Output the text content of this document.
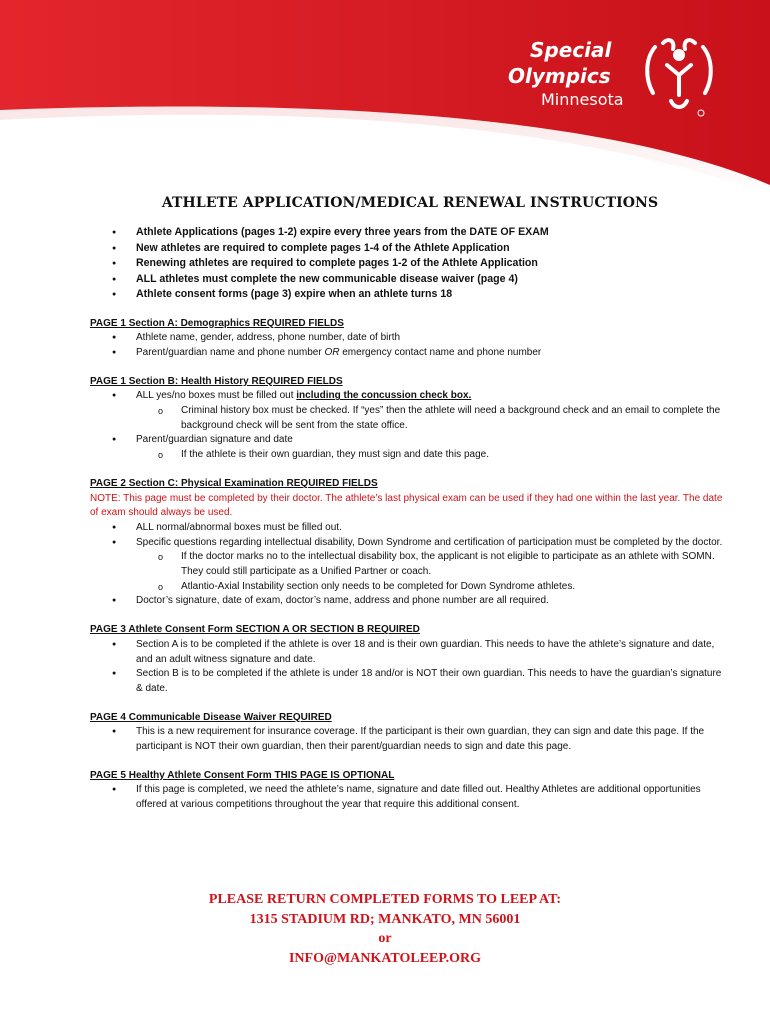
Special
Olympics
Minnesota
ATHLETE APPLICATION/MEDICAL RENEWAL INSTRUCTIONS
● Athlete Applications (pages 1-2) expire every three years from the DATE OF EXAM
● New athletes are required to complete pages 1-4 of the Athlete Application
● Renewing athletes are required to complete pages 1-2 of the Athlete Application
● ALL athletes must complete the new communicable disease waiver (page 4)
● Athlete consent forms (page 3) expire when an athlete turns 18
PAGE 1 Section A: Demographics REQUIRED FIELDS
● Athlete name, gender, address, phone number, date of birth
● Parent/guardian name and phone number OR emergency contact name and phone number
PAGE 1 Section B: Health History REQUIRED FIELDS
● ALL yes/no boxes must be filled out including the concussion check box.
o Criminal history box must be checked. If “yes” then the athlete will need a background check and an email to complete the background check will be sent from the state office.
● Parent/guardian signature and date
o If the athlete is their own guardian, they must sign and date this page.
PAGE 2 Section C: Physical Examination REQUIRED FIELDS
NOTE: This page must be completed by their doctor. The athlete’s last physical exam can be used if they had one within the last year. The date of exam should always be used.
● ALL normal/abnormal boxes must be filled out.
● Specific questions regarding intellectual disability, Down Syndrome and certification of participation must be completed by the doctor.
o If the doctor marks no to the intellectual disability box, the applicant is not eligible to participate as an athlete with SOMN. They could still participate as a Unified Partner or coach.
o Atlantio-Axial Instability section only needs to be completed for Down Syndrome athletes.
● Doctor’s signature, date of exam, doctor’s name, address and phone number are all required.
PAGE 3 Athlete Consent Form SECTION A OR SECTION B REQUIRED
● Section A is to be completed if the athlete is over 18 and is their own guardian. This needs to have the athlete’s signature and date, and an adult witness signature and date.
● Section B is to be completed if the athlete is under 18 and/or is NOT their own guardian. This needs to have the guardian’s signature & date.
PAGE 4 Communicable Disease Waiver REQUIRED
● This is a new requirement for insurance coverage. If the participant is their own guardian, they can sign and date this page. If the participant is NOT their own guardian, then their parent/guardian needs to sign and date this page.
PAGE 5 Healthy Athlete Consent Form THIS PAGE IS OPTIONAL
● If this page is completed, we need the athlete’s name, signature and date filled out. Healthy Athletes are additional opportunities offered at various competitions throughout the year that require this additional consent.
PLEASE RETURN COMPLETED FORMS TO LEEP AT:
1315 STADIUM RD; MANKATO, MN 56001
or
INFO@MANKATOLEEP.ORG
